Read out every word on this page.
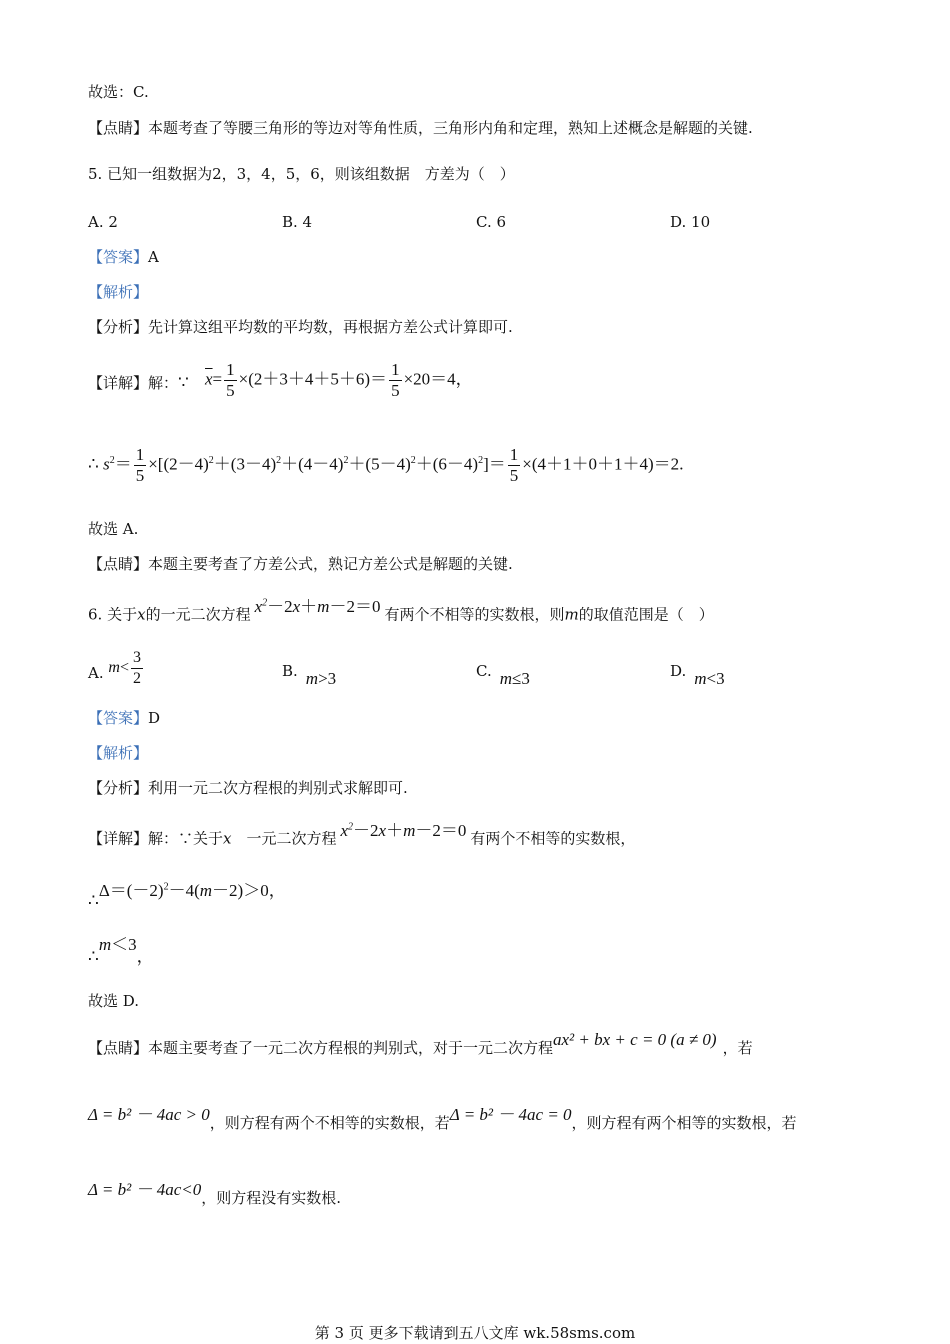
故选：C.
【点睛】本题考查了等腰三角形的等边对等角性质，三角形内角和定理，熟知上述概念是解题的关键.
5. 已知一组数据为2，3，4，5，6，则该组数据　方差为（　）
A. 2	B. 4	C. 6	D. 10
【答案】A
【解析】
【分析】先计算这组平均数的平均数，再根据方差公式计算即可.
【详解】解：∵ $\overline{x}= \frac{1}{5} \times(2+3+4+5+6)= \frac{1}{5} \times 20=4$，
∴ $s^2= \frac{1}{5} \times[(2-4)^2+(3-4)^2+(4-4)^2+(5-4)^2+(6-4)^2]= \frac{1}{5} \times(4+1+0+1+4)=2$.
故选 A.
【点睛】本题主要考查了方差公式，熟记方差公式是解题的关键.
6. 关于x的一元二次方程 $x^2-2x+m-2=0$ 有两个不相等的实数根，则m的取值范围是（　）
A. $m< \frac{3}{2}$	B. m>3	C. m≤3	D. m<3
【答案】D
【解析】
【分析】利用一元二次方程根的判别式求解即可.
【详解】解：∵关于x　一元二次方程 $x^2-2x+m-2=0$ 有两个不相等的实数根，
$\therefore\Delta=(-2)^2-4(m-2)>0$，
∴m＜3，
故选 D.
【点睛】本题主要考查了一元二次方程根的判别式，对于一元二次方程ax² + bx + c = 0 (a ≠ 0) ，若
Δ = b² － 4ac > 0，则方程有两个不相等的实数根，若Δ = b² － 4ac = 0，则方程有两个相等的实数根，若
Δ = b² － 4ac<0，则方程没有实数根.
第 3 页 更多下载请到五八文库 wk.58sms.com
